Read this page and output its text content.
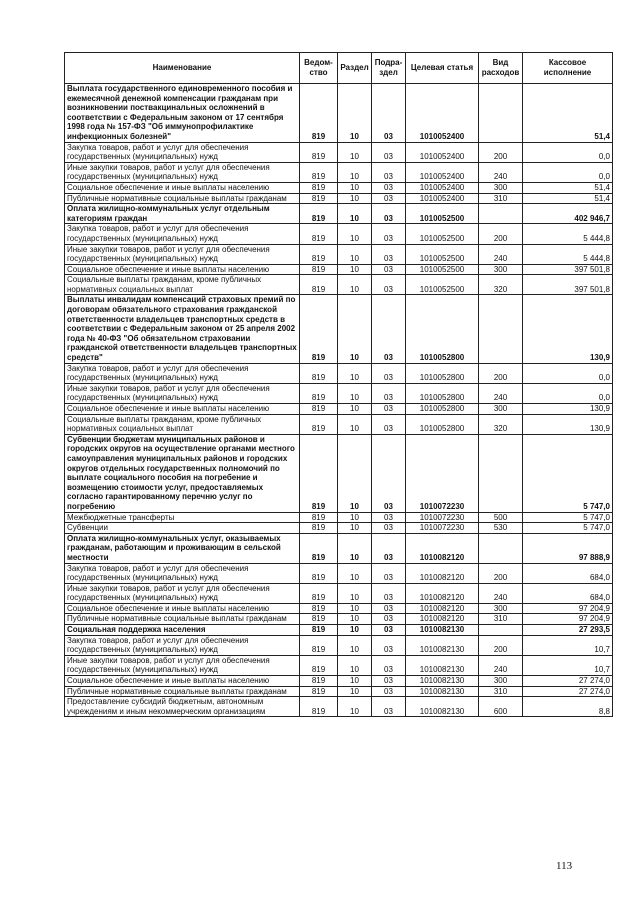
Наименование	Ведом-ство	Раздел	Подра-здел	Целевая статья	Вид расходов	Кассовое исполнение
Выплата государственного единовременного пособия и ежемесячной денежной компенсации гражданам при возникновении поствакцинальных осложнений в соответствии с Федеральным законом от 17 сентября 1998 года № 157-ФЗ "Об иммунопрофилактике инфекционных болезней"	819	10	03	1010052400		51,4
Закупка товаров, работ и услуг для обеспечения государственных (муниципальных) нужд	819	10	03	1010052400	200	0,0
Иные закупки товаров, работ и услуг для обеспечения государственных (муниципальных) нужд	819	10	03	1010052400	240	0,0
Социальное обеспечение и иные выплаты населению	819	10	03	1010052400	300	51,4
Публичные нормативные социальные выплаты гражданам	819	10	03	1010052400	310	51,4
Оплата жилищно-коммунальных услуг отдельным категориям граждан	819	10	03	1010052500		402 946,7
Закупка товаров, работ и услуг для обеспечения государственных (муниципальных) нужд	819	10	03	1010052500	200	5 444,8
Иные закупки товаров, работ и услуг для обеспечения государственных (муниципальных) нужд	819	10	03	1010052500	240	5 444,8
Социальное обеспечение и иные выплаты населению	819	10	03	1010052500	300	397 501,8
Социальные выплаты гражданам, кроме публичных нормативных социальных выплат	819	10	03	1010052500	320	397 501,8
Выплаты инвалидам компенсаций страховых премий по договорам обязательного страхования гражданской ответственности владельцев транспортных средств в соответствии с Федеральным законом от 25 апреля 2002 года № 40-ФЗ "Об обязательном страховании гражданской ответственности владельцев транспортных средств"	819	10	03	1010052800		130,9
Закупка товаров, работ и услуг для обеспечения государственных (муниципальных) нужд	819	10	03	1010052800	200	0,0
Иные закупки товаров, работ и услуг для обеспечения государственных (муниципальных) нужд	819	10	03	1010052800	240	0,0
Социальное обеспечение и иные выплаты населению	819	10	03	1010052800	300	130,9
Социальные выплаты гражданам, кроме публичных нормативных социальных выплат	819	10	03	1010052800	320	130,9
Субвенции бюджетам муниципальных районов и городских округов на осуществление органами местного самоуправления муниципальных районов и городских округов отдельных государственных полномочий по выплате социального пособия на погребение и возмещению стоимости услуг, предоставляемых согласно гарантированному перечню услуг по погребению	819	10	03	1010072230		5 747,0
Межбюджетные трансферты	819	10	03	1010072230	500	5 747,0
Субвенции	819	10	03	1010072230	530	5 747,0
Оплата жилищно-коммунальных услуг, оказываемых гражданам, работающим и проживающим в сельской местности	819	10	03	1010082120		97 888,9
Закупка товаров, работ и услуг для обеспечения государственных (муниципальных) нужд	819	10	03	1010082120	200	684,0
Иные закупки товаров, работ и услуг для обеспечения государственных (муниципальных) нужд	819	10	03	1010082120	240	684,0
Социальное обеспечение и иные выплаты населению	819	10	03	1010082120	300	97 204,9
Публичные нормативные социальные выплаты гражданам	819	10	03	1010082120	310	97 204,9
Социальная поддержка населения	819	10	03	1010082130		27 293,5
Закупка товаров, работ и услуг для обеспечения государственных (муниципальных) нужд	819	10	03	1010082130	200	10,7
Иные закупки товаров, работ и услуг для обеспечения государственных (муниципальных) нужд	819	10	03	1010082130	240	10,7
Социальное обеспечение и иные выплаты населению	819	10	03	1010082130	300	27 274,0
Публичные нормативные социальные выплаты гражданам	819	10	03	1010082130	310	27 274,0
Предоставление субсидий бюджетным, автономным учреждениям и иным некоммерческим организациям	819	10	03	1010082130	600	8,8
113
